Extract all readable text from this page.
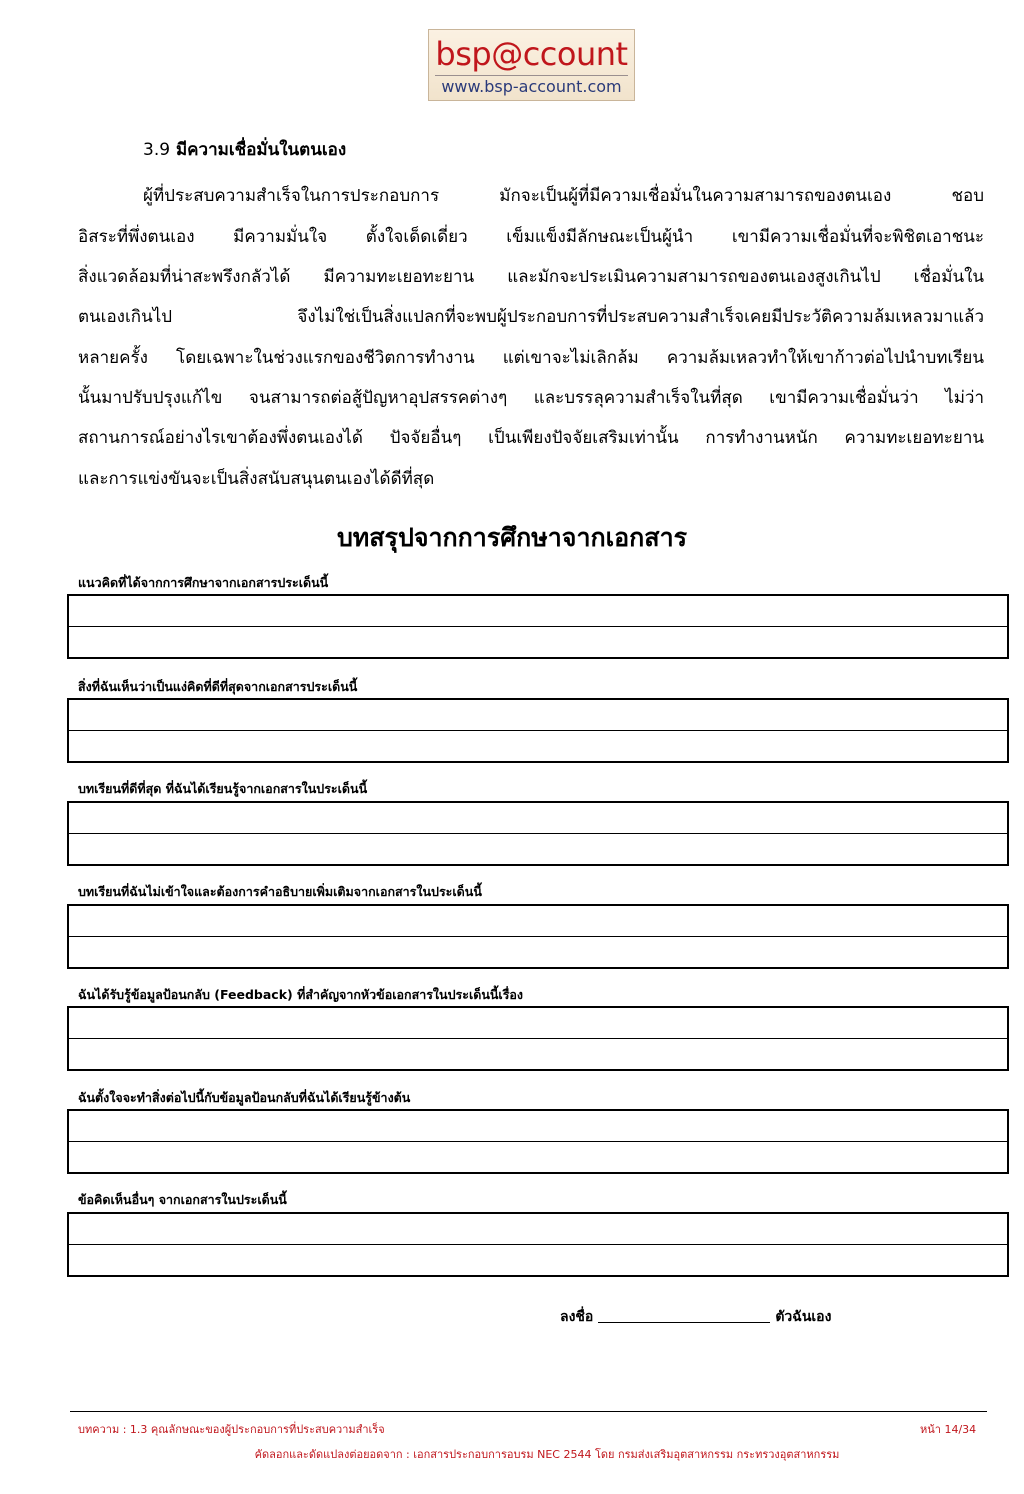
bsp@ccount
www.bsp-account.com
3.9 มีความเชื่อมั่นในตนเอง
ผู้ที่ประสบความสำเร็จในการประกอบการ มักจะเป็นผู้ที่มีความเชื่อมั่นในความสามารถของตนเอง ชอบ
อิสระที่พึ่งตนเอง มีความมั่นใจ ตั้งใจเด็ดเดี่ยว เข็มแข็งมีลักษณะเป็นผู้นำ เขามีความเชื่อมั่นที่จะพิชิตเอาชนะ
สิ่งแวดล้อมที่น่าสะพรึงกลัวได้ มีความทะเยอทะยาน และมักจะประเมินความสามารถของตนเองสูงเกินไป เชื่อมั่นใน
ตนเองเกินไป จึงไม่ใช่เป็นสิ่งแปลกที่จะพบผู้ประกอบการที่ประสบความสำเร็จเคยมีประวัติความล้มเหลวมาแล้ว
หลายครั้ง โดยเฉพาะในช่วงแรกของชีวิตการทำงาน แต่เขาจะไม่เลิกล้ม ความล้มเหลวทำให้เขาก้าวต่อไปนำบทเรียน
นั้นมาปรับปรุงแก้ไข จนสามารถต่อสู้ปัญหาอุปสรรคต่างๆ และบรรลุความสำเร็จในที่สุด เขามีความเชื่อมั่นว่า ไม่ว่า
สถานการณ์อย่างไรเขาต้องพึ่งตนเองได้ ปัจจัยอื่นๆ เป็นเพียงปัจจัยเสริมเท่านั้น การทำงานหนัก ความทะเยอทะยาน
และการแข่งขันจะเป็นสิ่งสนับสนุนตนเองได้ดีที่สุด
บทสรุปจากการศึกษาจากเอกสาร
แนวคิดที่ได้จากการศึกษาจากเอกสารประเด็นนี้
สิ่งที่ฉันเห็นว่าเป็นแง่คิดที่ดีที่สุดจากเอกสารประเด็นนี้
บทเรียนที่ดีที่สุด ที่ฉันได้เรียนรู้จากเอกสารในประเด็นนี้
บทเรียนที่ฉันไม่เข้าใจและต้องการคำอธิบายเพิ่มเติมจากเอกสารในประเด็นนี้
ฉันได้รับรู้ข้อมูลป้อนกลับ (Feedback) ที่สำคัญจากหัวข้อเอกสารในประเด็นนี้เรื่อง
ฉันตั้งใจจะทำสิ่งต่อไปนี้กับข้อมูลป้อนกลับที่ฉันได้เรียนรู้ข้างต้น
ข้อคิดเห็นอื่นๆ จากเอกสารในประเด็นนี้
ลงชื่อ	ตัวฉันเอง
บทความ : 1.3 คุณลักษณะของผู้ประกอบการที่ประสบความสำเร็จ	หน้า 14/34
คัดลอกและดัดแปลงต่อยอดจาก : เอกสารประกอบการอบรม NEC 2544 โดย กรมส่งเสริมอุตสาหกรรม กระทรวงอุตสาหกรรม
